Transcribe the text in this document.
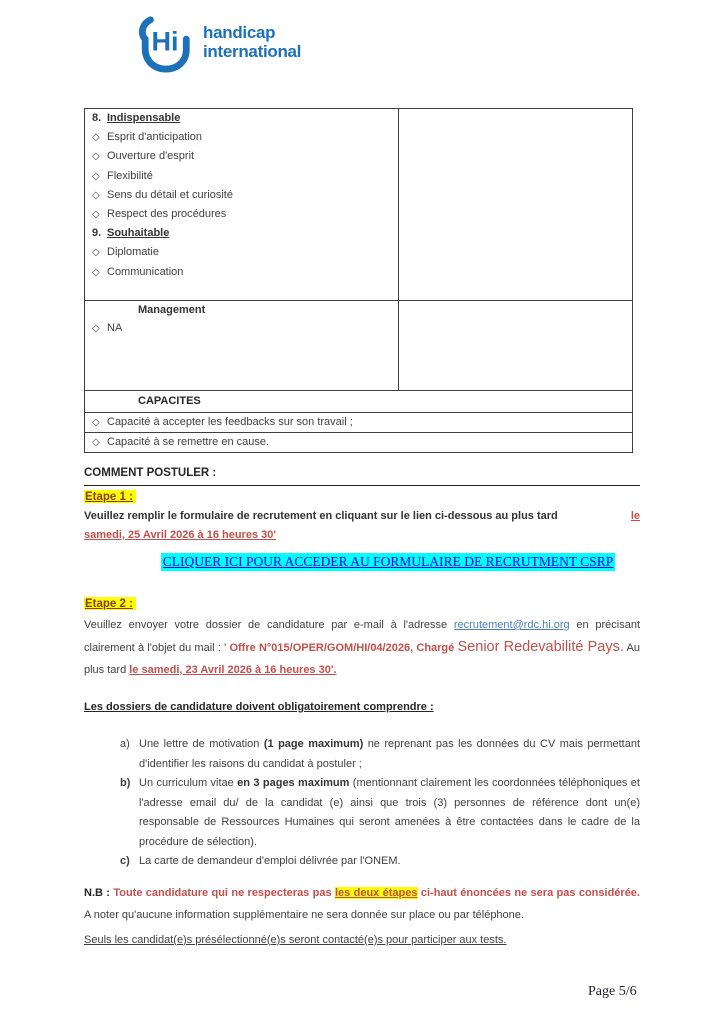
Hi handicap
international
8. Indispensable
◇ Esprit d'anticipation
◇ Ouverture d'esprit
◇ Flexibilité
◇ Sens du détail et curiosité
◇ Respect des procédures
9. Souhaitable
◇ Diplomatie
◇ Communication

Management
◇ NA	

CAPACITES	

◇ Capacité à accepter les feedbacks sur son travail ;	

◇ Capacité à se remettre en cause.	
COMMENT POSTULER :
Etape 1 :
Veuillez remplir le formulaire de recrutement en cliquant sur le lien ci-dessous au plus tard	le
samedi, 25 Avril 2026 à 16 heures 30'
CLIQUER ICI POUR ACCEDER AU FORMULAIRE DE RECRUTMENT CSRP
Etape 2 :
Veuillez envoyer votre dossier de candidature par e-mail à l'adresse recrutement@rdc.hi.org en précisant clairement à l'objet du mail : ' Offre N°015/OPER/GOM/HI/04/2026, Chargé Senior Redevabilité Pays. Au plus tard le samedi, 23 Avril 2026 à 16 heures 30'.
Les dossiers de candidature doivent obligatoirement comprendre :
a) Une lettre de motivation (1 page maximum) ne reprenant pas les données du CV mais permettant d'identifier les raisons du candidat à postuler ;
b) Un curriculum vitae en 3 pages maximum (mentionnant clairement les coordonnées téléphoniques et l'adresse email du/ de la candidat (e) ainsi que trois (3) personnes de référence dont un(e) responsable de Ressources Humaines qui seront amenées à être contactées dans le cadre de la procédure de sélection).
c) La carte de demandeur d'emploi délivrée par l'ONEM.
N.B : Toute candidature qui ne respecteras pas les deux étapes ci-haut énoncées ne sera pas considérée. A noter qu'aucune information supplémentaire ne sera donnée sur place ou par téléphone.
Seuls les candidat(e)s présélectionné(e)s seront contacté(e)s pour participer aux tests.
Page 5/6
